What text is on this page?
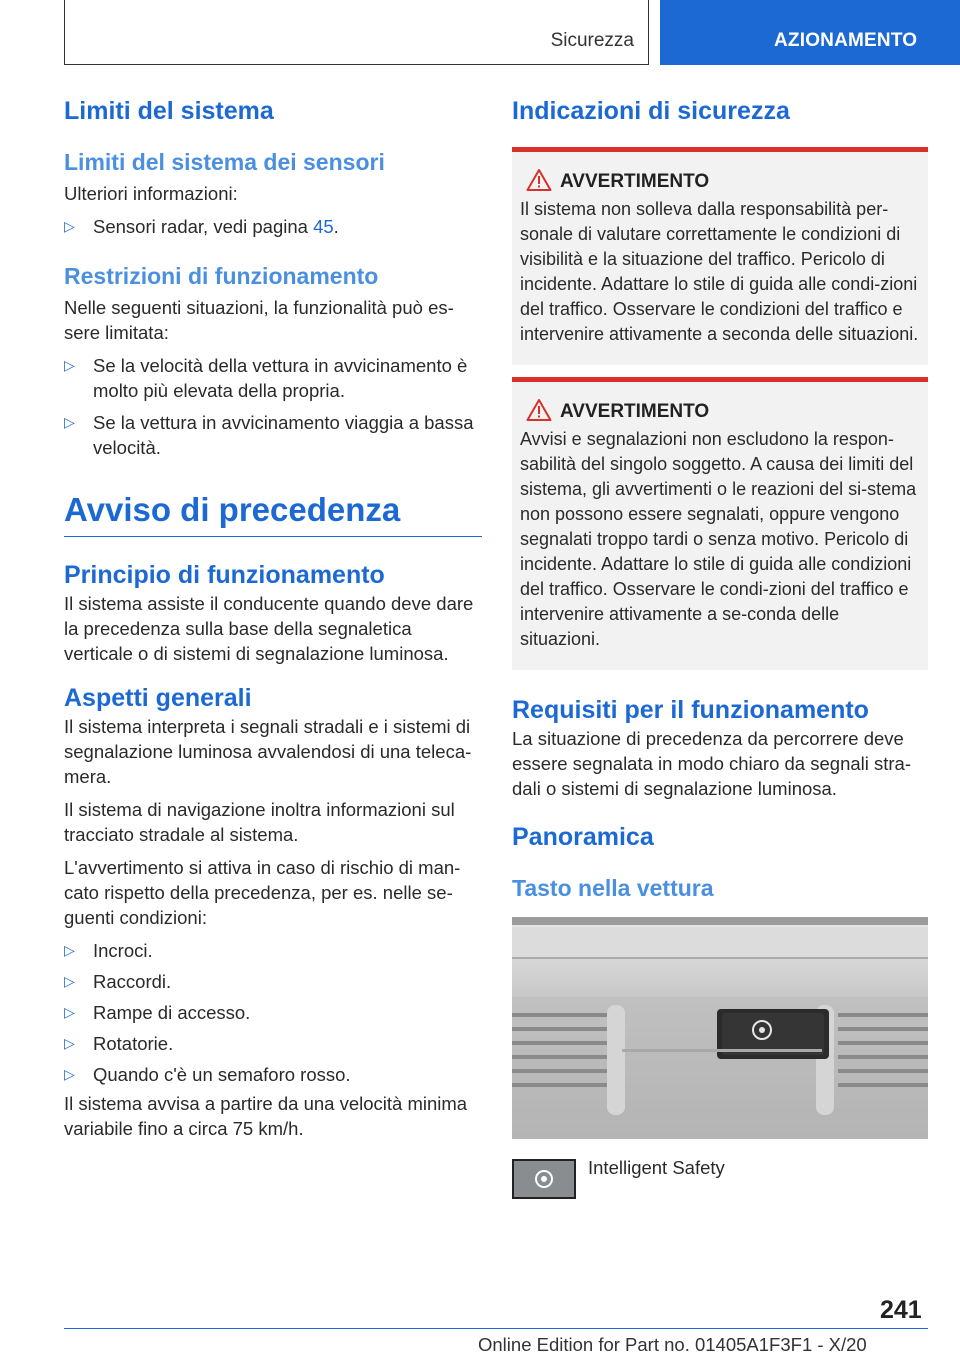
Sicurezza	AZIONAMENTO
Limiti del sistema
Limiti del sistema dei sensori

Ulteriori informazioni:

▷ Sensori radar, vedi pagina 45.
Restrizioni di funzionamento

Nelle seguenti situazioni, la funzionalità può es-sere limitata:

▷ Se la velocità della vettura in avvicinamento è molto più elevata della propria.
▷ Se la vettura in avvicinamento viaggia a bassa velocità.
Avviso di precedenza
Principio di funzionamento

Il sistema assiste il conducente quando deve dare la precedenza sulla base della segnaletica verticale o di sistemi di segnalazione luminosa.

Aspetti generali

Il sistema interpreta i segnali stradali e i sistemi di segnalazione luminosa avvalendosi di una teleca-mera.

Il sistema di navigazione inoltra informazioni sul tracciato stradale al sistema.

L'avvertimento si attiva in caso di rischio di man-cato rispetto della precedenza, per es. nelle se-guenti condizioni:

▷ Incroci.
▷ Raccordi.
▷ Rampe di accesso.
▷ Rotatorie.
▷ Quando c'è un semaforo rosso.

Il sistema avvisa a partire da una velocità minima variabile fino a circa 75 km/h.

Indicazioni di sicurezza
AVVERTIMENTO

Il sistema non solleva dalla responsabilità per-sonale di valutare correttamente le condizioni di visibilità e la situazione del traffico. Pericolo di incidente. Adattare lo stile di guida alle condi-zioni del traffico. Osservare le condizioni del traffico e intervenire attivamente a seconda delle situazioni.

AVVERTIMENTO

Avvisi e segnalazioni non escludono la respon-sabilità del singolo soggetto. A causa dei limiti del sistema, gli avvertimenti o le reazioni del si-stema non possono essere segnalati, oppure vengono segnalati troppo tardi o senza motivo. Pericolo di incidente. Adattare lo stile di guida alle condizioni del traffico. Osservare le condi-zioni del traffico e intervenire attivamente a se-conda delle situazioni.

Requisiti per il funzionamento

La situazione di precedenza da percorrere deve essere segnalata in modo chiaro da segnali stra-dali o sistemi di segnalazione luminosa.

Panoramica
Tasto nella vettura
Intelligent Safety
241
Online Edition for Part no. 01405A1F3F1 - X/20
